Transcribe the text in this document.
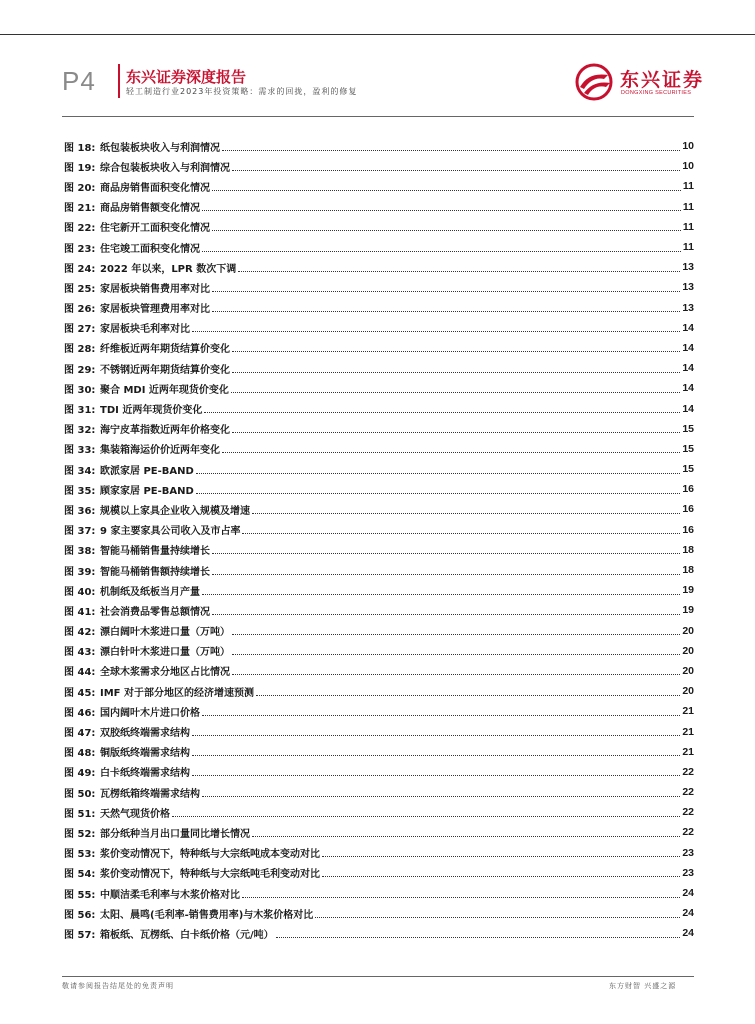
P4 东兴证券深度报告
轻工制造行业2023年投资策略：需求的回拢，盈利的修复
东兴证券
DONGXING SECURITIES
图 18: 纸包装板块收入与利润情况	10
图 19: 综合包装板块收入与利润情况	10
图 20: 商品房销售面积变化情况	11
图 21: 商品房销售额变化情况	11
图 22: 住宅新开工面积变化情况	11
图 23: 住宅竣工面积变化情况	11
图 24: 2022 年以来，LPR 数次下调	13
图 25: 家居板块销售费用率对比	13
图 26: 家居板块管理费用率对比	13
图 27: 家居板块毛利率对比	14
图 28: 纤维板近两年期货结算价变化	14
图 29: 不锈钢近两年期货结算价变化	14
图 30: 聚合 MDI 近两年现货价变化	14
图 31: TDI 近两年现货价变化	14
图 32: 海宁皮革指数近两年价格变化	15
图 33: 集装箱海运价价近两年变化	15
图 34: 欧派家居 PE-BAND	15
图 35: 顾家家居 PE-BAND	16
图 36: 规模以上家具企业收入规模及增速	16
图 37: 9 家主要家具公司收入及市占率	16
图 38: 智能马桶销售量持续增长	18
图 39: 智能马桶销售额持续增长	18
图 40: 机制纸及纸板当月产量	19
图 41: 社会消费品零售总额情况	19
图 42: 漂白阔叶木浆进口量（万吨）	20
图 43: 漂白针叶木浆进口量（万吨）	20
图 44: 全球木浆需求分地区占比情况	20
图 45: IMF 对于部分地区的经济增速预测	20
图 46: 国内阔叶木片进口价格	21
图 47: 双胶纸终端需求结构	21
图 48: 铜版纸终端需求结构	21
图 49: 白卡纸终端需求结构	22
图 50: 瓦楞纸箱终端需求结构	22
图 51: 天然气现货价格	22
图 52: 部分纸种当月出口量同比增长情况	22
图 53: 浆价变动情况下，特种纸与大宗纸吨成本变动对比	23
图 54: 浆价变动情况下，特种纸与大宗纸吨毛利变动对比	23
图 55: 中顺洁柔毛利率与木浆价格对比	24
图 56: 太阳、晨鸣(毛利率-销售费用率)与木浆价格对比	24
图 57: 箱板纸、瓦楞纸、白卡纸价格（元/吨）	24
敬请参阅报告结尾处的免责声明	东方财智 兴盛之源
